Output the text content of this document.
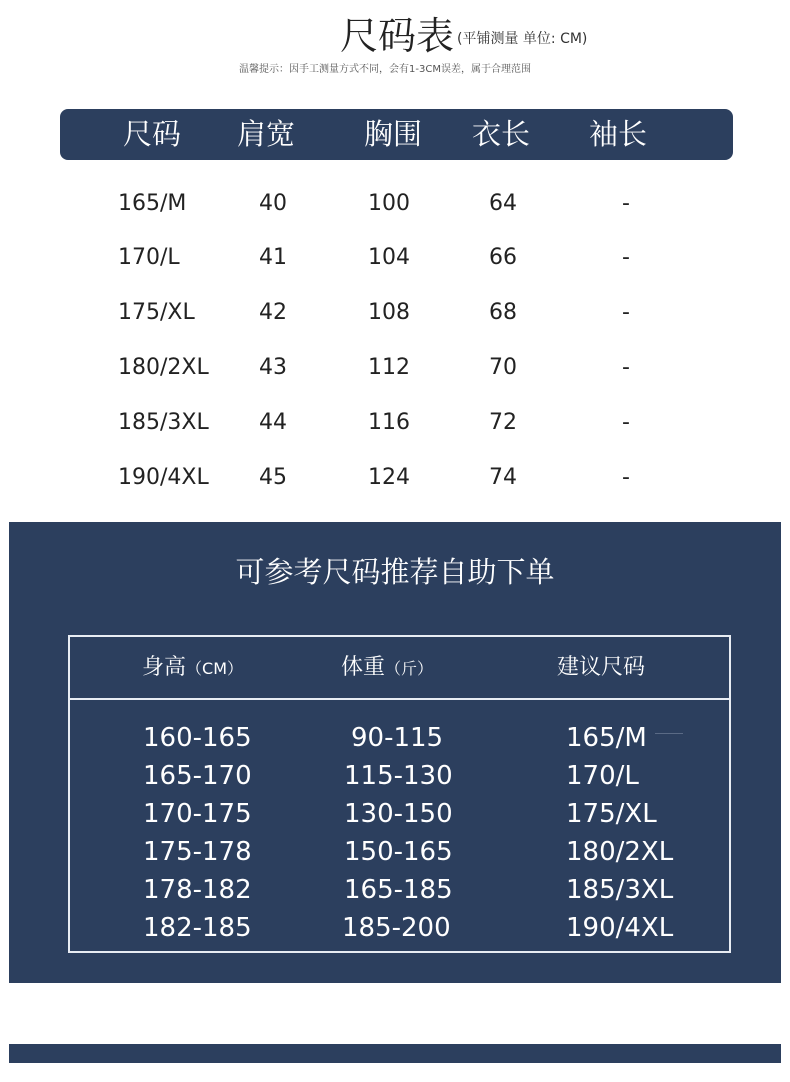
尺码表 (平铺测量 单位: CM)
温馨提示：因手工测量方式不同，会有1-3CM误差，属于合理范围
尺码 肩宽 胸围 衣长 袖长
165/M	40	100	64	-
170/L	41	104	66	-
175/XL	42	108	68	-
180/2XL 43	112	70	-
185/3XL 44	116	72	-
190/4XL 45	124	74	-
可参考尺码推荐自助下单
身高（CM）	体重（斤）	建议尺码
160-165	90-115	165/M
165-170	115-130	170/L
170-175	130-150	175/XL
175-178	150-165	180/2XL
178-182	165-185	185/3XL
182-185	185-200	190/4XL
